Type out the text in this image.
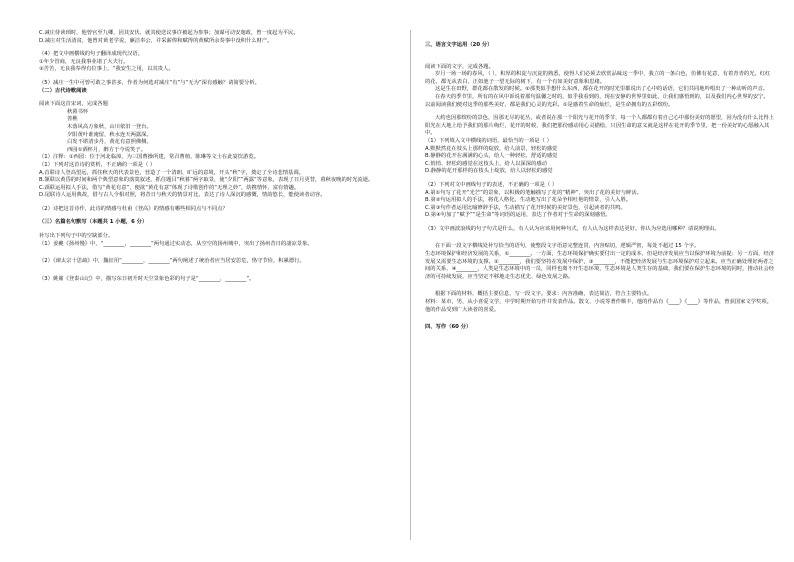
C.减庄侍读琐时，他曾官至九卿，因其安伏，就其使送议事许被起为参事；加谋可动安迦政，曾一度起为平民。

D.减庄对生活清贫，他曾对黄老学说，廉洁奉公，并采薪俸和赋得的黄赋所余奏事中没积什么财产。

（4）把文中画横线的句子翻译成现代汉语。

①年少管商，无良我事业诸了大夫行。

②苦苦，无良我奉得有位事上，“我安生之用，以其贵人。

（5）减庄一生中可曾可敢之事甚多，作者为何选对减庄“有”与“无为”深有感触？请简要分析。

（二）古代诗歌阅读

阅读下面这首宋词，完成各题

秋暮书怀

善樵

木落风高万象秋，山川依旧一登台。

夕阳黄叶谁淹留，秋水连天两露深。

白发不堪清步丹，黄花有意照佛侧。

西园①酒杯月，醉方于今说笑子。

（1）注释：①西园：位于河北临漳，为三国曹操所建，常召曹植、陈琳等文士在此宴饮游览。

（1）下列对这首诗的赏析，不正确的一项是（ ）

A.首联诗人登高望远，抓住秋天的代表景色，营造了一个清朗、旷远的意境，开头“秋”字，奠定了全诗悲情基调。

B.颔联以黄昏的时间和两个典型意象的落寞叙述，抓住题目“秋暮”两字取景，使“夕阳”“两露”等意象，表现了日月更替，暮秋夜晚的时光流逝。

C.颈联运用拟人手法，借写“黄花有意”，便欲“黄花有意”体现了诗歌创作的“无理之妙”，幼携情怀，富有情趣。

D.尾联诗人运用典故，借与古人今相对照，将昔日与秋天的情景对比，表达了诗人深沉的感慨，情韵悠长，能使读者动容。

（2）诗把这首诗作，此诗的情感与杜甫《登高》的情感有哪些相同点与不同点？

（三）名篇名句默写（本题共 1 小题，6 分）

补写出下列句子中的空缺部分。

（1）姜夔《扬州慢》中，“________，________”两句通过实动态，从空空的扬州城中，突出了扬州昔日的凄凉景象。

（2）《谏太宗十思疏》中，魏征用“________，________”两句阐述了统治者应当居安思危，恪守节俭，积累德行。

（3）姚鼐《登泰山记》中，描写东日初升时天空景象色彩的句子是“________，________”。

三、语言文字运用（20 分）

阅读下面的文字，完成各题。

岁月一场一场的春风，（ ），积厚的积淀与沉淀的熟悉，使得人们必须去欣赏品味这一季中，我立的一条白色，仿佛有花意，有着青青的光，红红的花，都无从表白，正如池子一望无际的树下，有一个有如美好意象和思绪。

这是生在田野，群花都在散发的时候。②那类似乎想什么东西，都在花开的时光里都说出了心中的话语，它们共同地吟唱出了一种动听的声音。

在春天的季节里，所有的在风中诉说着那句温馨之时的，似乎我看到的，现在安静的世界里如此，让我们感悟到的，以及我们内心世界的安宁。

以前阅读我们便对这季的那些美好，都是我们心灵的光彩。①是感着生命的灿烂，是生命拥有的五彩缤纷。

大约也因那缤纷的景色，因那无尽的花丛，或者说在那一个阳光与花开的季节，每一个人都都有着自己心中那份美好的愿望，因为没有什么比得上阳光在大地上给予我们的那片绚烂，花开的时候，我们把那份感动用心灵描绘，只因生命的意义就是这样在花开的季节里，把一份美好的心愿融入其中。

（1）下列填入文中横线的词语，最恰当的一项是（ ）

A.默默然花在枝头上那样的绽放，给人前景，轻松的感觉

B.静静的花开在满满的心头，给人一种轻松、舒适的感觉

C.悄悄、轻松的感觉在这枝头上，给人以深深的感动

D.静静的花开那样的在枝头上绽放，给人以轻松的感觉

（2）下列对文中画线句子的表述，不正确的一项是（ ）

A.第①句写了花开“光芒”的景象，以积极的笔触描写了花的“精神”，突出了花的美好与鲜活。

B.第②句运用拟人的手法，将花人格化，生动地写出了花朵争相吐艳的情景，引人入胜。

C.第③句作者运用比喻修辞手法，生动描写了花开时候的美好景色，引起读者的共鸣。

D.第④句加了“赋予”“是生命”等词语的运用，表达了作者对于生命的深刻感悟。

（3）文中画波浪线的句子句式是什么，有人认为应该用何种句式，有人认为这样表达更好。你认为应选用哪种？请说明理由。

在下面一段文字横线处补写恰当的语句，使整段文字语意完整连贯，内容贴切，逻辑严密，每处不超过 15 个字。

生态环境保护和经济发展的关系，①________。一方面，生态环境保护确实要付出一定的成本，但是经济发展应当以保护环境为前提；另一方面，经济发展又需要生态环境的支撑。②________，我们要坚持在发展中保护，③________，不能把经济发展与生态环境保护对立起来。应当正确处理好两者之间的关系，④________，人类是生态环境中的一员，同样也离不开生态环境，生态环境是人类生存的基础，我们要在保护生态环境的同时，推动社会经济的可持续发展，应当坚定不移地走生态优先、绿色发展之路。

根据下面的材料，概括主要信息，写一段文字。要求：内容准确，表达简洁，符合主要特点。

材料：某市，男，从小喜爱文学，中学时期开始写作并发表作品。散文、小说等著作颇丰，他的作品有《____》《____》等作品，曾获国家文学奖项。他的作品受到广大读者的喜爱。

四、写作（60 分）
